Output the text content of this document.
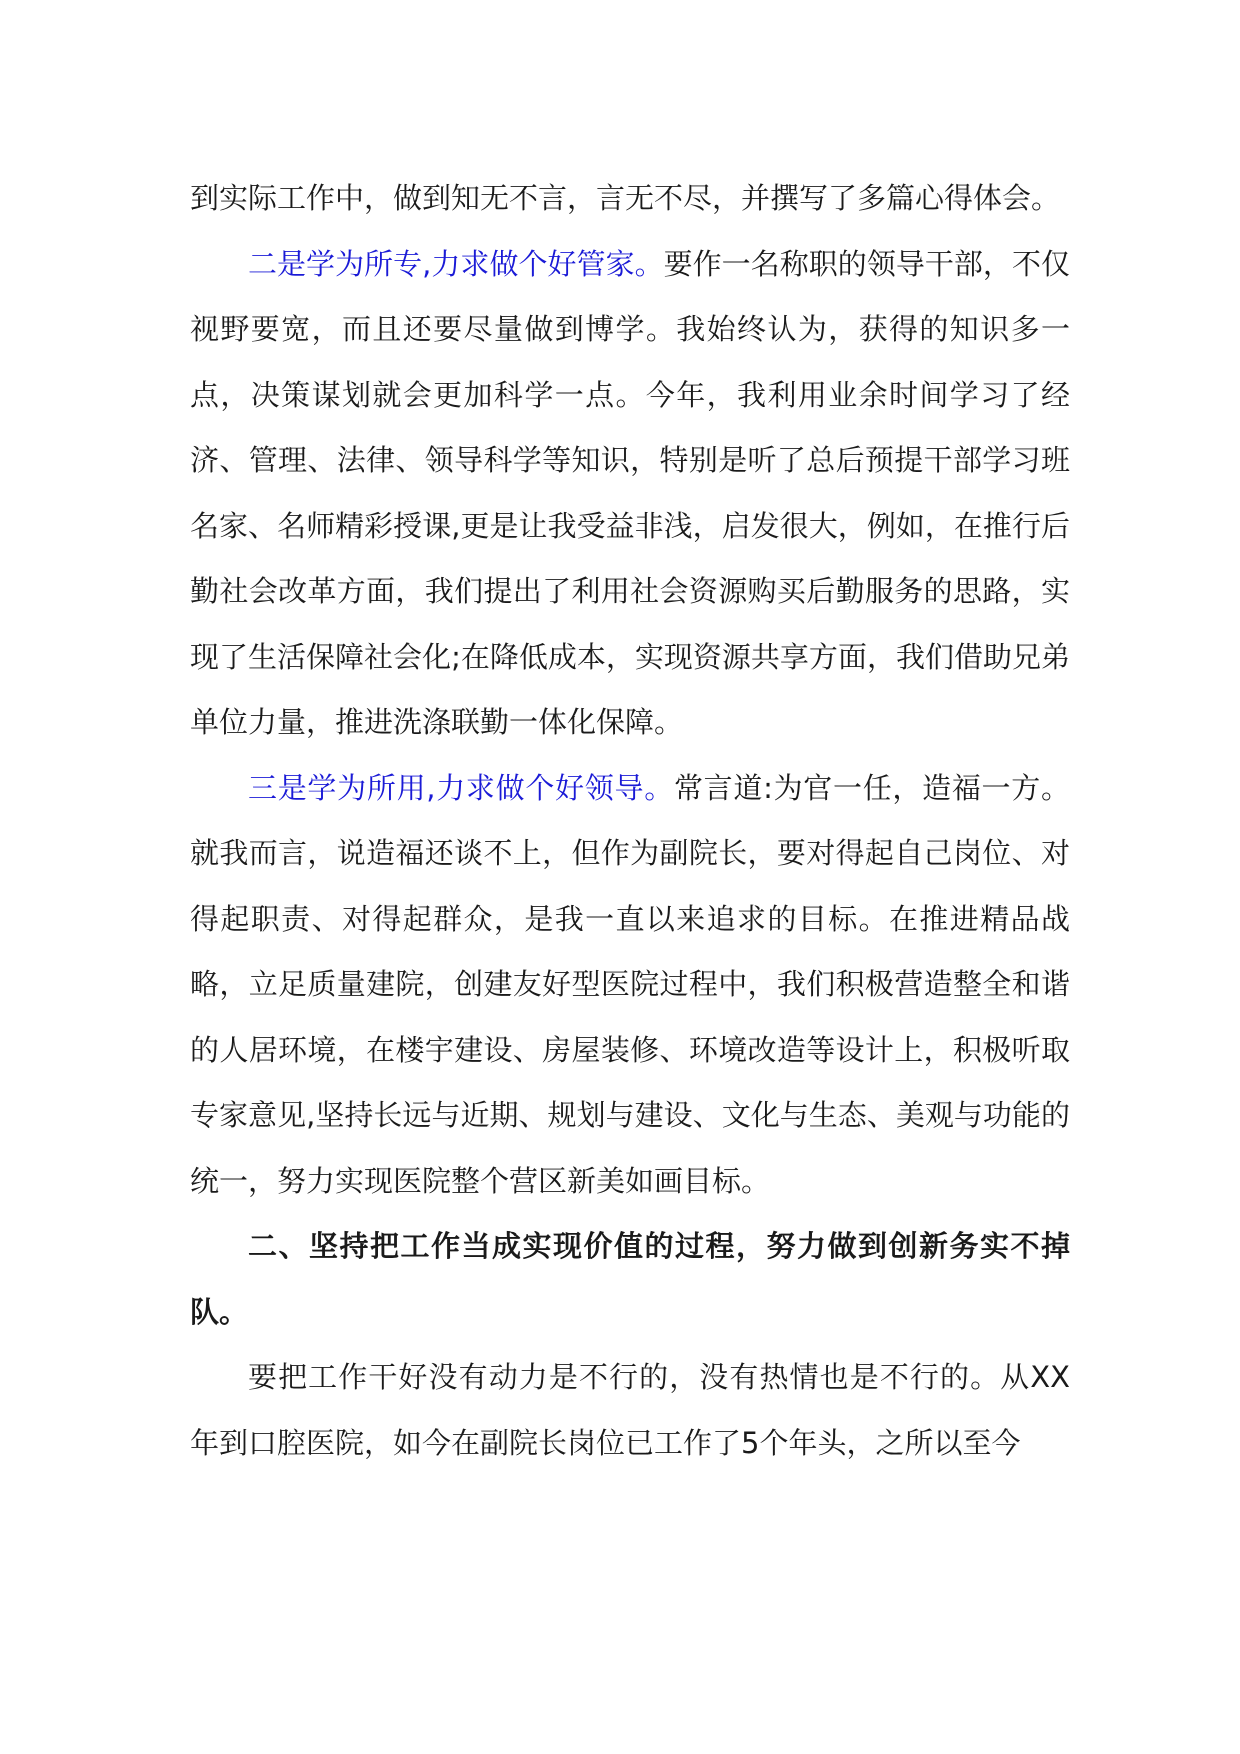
到实际工作中，做到知无不言，言无不尽，并撰写了多篇心得体会。

二是学为所专,力求做个好管家。要作一名称职的领导干部，不仅视野要宽，而且还要尽量做到博学。我始终认为，获得的知识多一点，决策谋划就会更加科学一点。今年，我利用业余时间学习了经济、管理、法律、领导科学等知识，特别是听了总后预提干部学习班名家、名师精彩授课,更是让我受益非浅，启发很大，例如，在推行后勤社会改革方面，我们提出了利用社会资源购买后勤服务的思路，实现了生活保障社会化;在降低成本，实现资源共享方面，我们借助兄弟单位力量，推进洗涤联勤一体化保障。

三是学为所用,力求做个好领导。常言道:为官一任，造福一方。就我而言，说造福还谈不上，但作为副院长，要对得起自己岗位、对得起职责、对得起群众，是我一直以来追求的目标。在推进精品战略，立足质量建院，创建友好型医院过程中，我们积极营造整全和谐的人居环境，在楼宇建设、房屋装修、环境改造等设计上，积极听取专家意见,坚持长远与近期、规划与建设、文化与生态、美观与功能的统一，努力实现医院整个营区新美如画目标。

二、坚持把工作当成实现价值的过程，努力做到创新务实不掉队。

要把工作干好没有动力是不行的，没有热情也是不行的。从XX年到口腔医院，如今在副院长岗位已工作了5个年头，之所以至今
